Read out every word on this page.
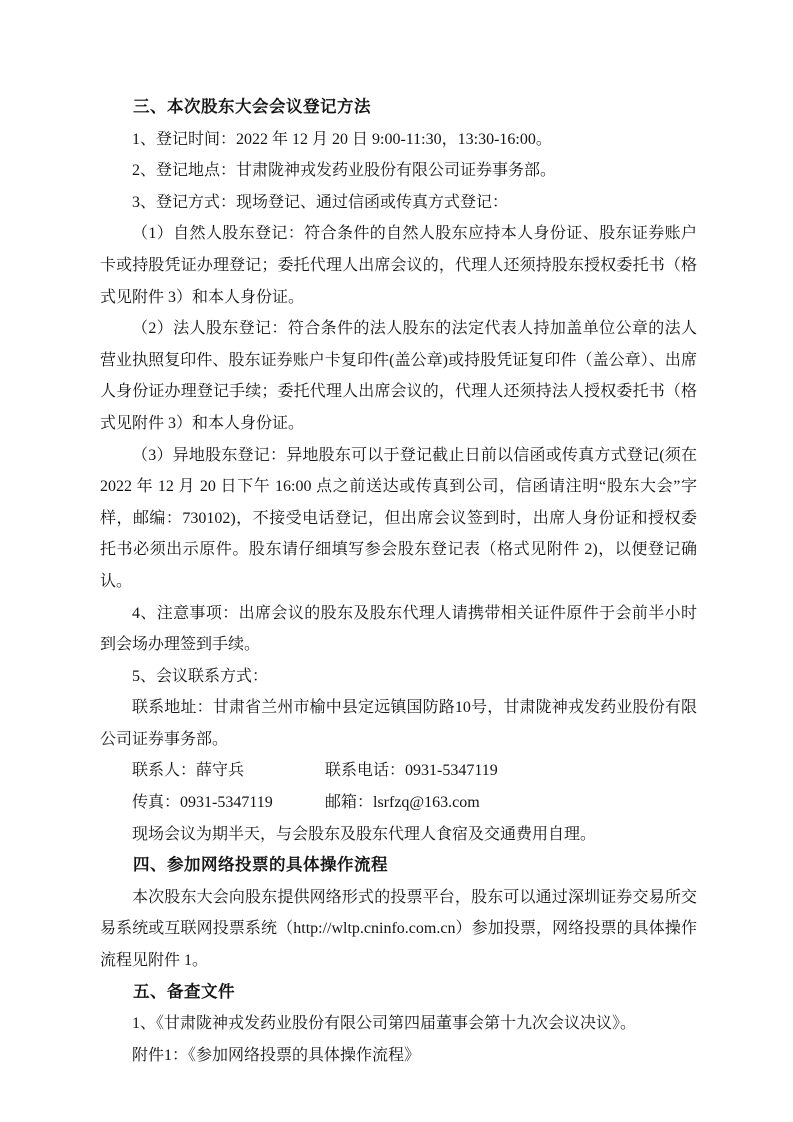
三、本次股东大会会议登记方法

1、登记时间：2022 年 12 月 20 日 9:00-11:30，13:30-16:00。

2、登记地点：甘肃陇神戎发药业股份有限公司证券事务部。

3、登记方式：现场登记、通过信函或传真方式登记：

（1）自然人股东登记：符合条件的自然人股东应持本人身份证、股东证券账户卡或持股凭证办理登记；委托代理人出席会议的，代理人还须持股东授权委托书（格式见附件 3）和本人身份证。

（2）法人股东登记：符合条件的法人股东的法定代表人持加盖单位公章的法人营业执照复印件、股东证券账户卡复印件(盖公章)或持股凭证复印件（盖公章）、出席人身份证办理登记手续；委托代理人出席会议的，代理人还须持法人授权委托书（格式见附件 3）和本人身份证。

（3）异地股东登记：异地股东可以于登记截止日前以信函或传真方式登记(须在 2022 年 12 月 20 日下午 16:00 点之前送达或传真到公司，信函请注明“股东大会”字样，邮编：730102)，不接受电话登记，但出席会议签到时，出席人身份证和授权委托书必须出示原件。股东请仔细填写参会股东登记表（格式见附件 2)，以便登记确认。

4、注意事项：出席会议的股东及股东代理人请携带相关证件原件于会前半小时到会场办理签到手续。

5、会议联系方式：

联系地址：甘肃省兰州市榆中县定远镇国防路10号，甘肃陇神戎发药业股份有限公司证券事务部。

联系人：薛守兵	联系电话：0931-5347119
传真：0931-5347119	邮箱：lsrfzq@163.com

现场会议为期半天，与会股东及股东代理人食宿及交通费用自理。

四、参加网络投票的具体操作流程

本次股东大会向股东提供网络形式的投票平台，股东可以通过深圳证券交易所交易系统或互联网投票系统（http://wltp.cninfo.com.cn）参加投票，网络投票的具体操作流程见附件 1。

五、备查文件

1、《甘肃陇神戎发药业股份有限公司第四届董事会第十九次会议决议》。

附件1：《参加网络投票的具体操作流程》
